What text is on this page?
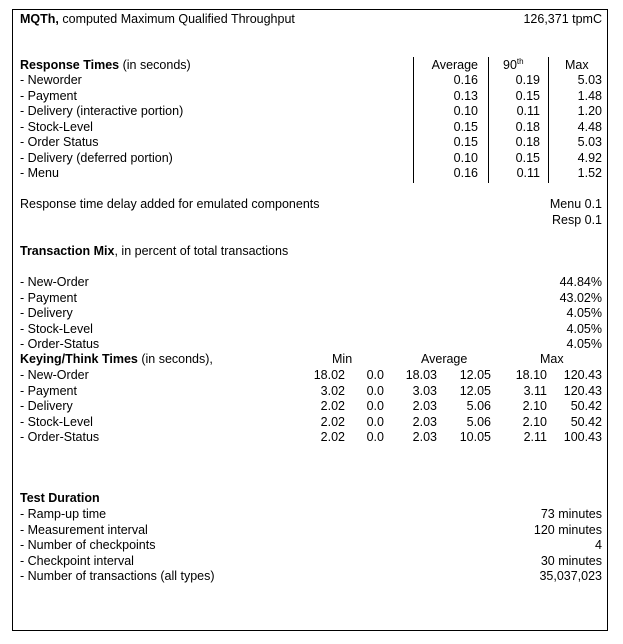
MQTh, computed Maximum Qualified Throughput	126,371 tpmC
Response Times (in seconds)	Average 90th	Max
- Neworder	0.16	0.19	5.03
- Payment	0.13	0.15	1.48
- Delivery (interactive portion)	0.10	0.11	1.20
- Stock-Level	0.15	0.18	4.48
- Order Status	0.15	0.18	5.03
- Delivery (deferred portion)	0.10	0.15	4.92
- Menu	0.16	0.11	1.52
Response time delay added for emulated components	Menu 0.1
Resp 0.1
Transaction Mix, in percent of total transactions
- New-Order	44.84%
- Payment	43.02%
- Delivery	4.05%
- Stock-Level	4.05%
- Order-Status	4.05%
Keying/Think Times (in seconds),	Min	Average	Max
- New-Order	18.02	0.0	18.03	12.05	18.10	120.43
- Payment	3.02	0.0	3.03	12.05	3.11	120.43
- Delivery	2.02	0.0	2.03	5.06	2.10	50.42
- Stock-Level	2.02	0.0	2.03	5.06	2.10	50.42
- Order-Status	2.02	0.0	2.03	10.05	2.11	100.43
Test Duration
- Ramp-up time	73 minutes
- Measurement interval	120 minutes
- Number of checkpoints	4
- Checkpoint interval	30 minutes
- Number of transactions (all types)	35,037,023
